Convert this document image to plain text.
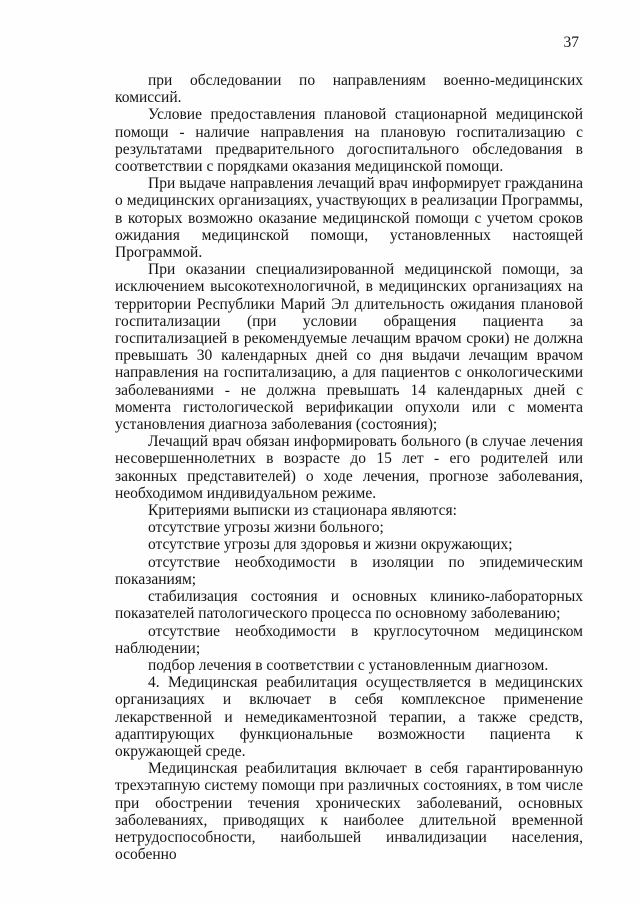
37

при обследовании по направлениям военно-медицинских комиссий.

Условие предоставления плановой стационарной медицинской помощи - наличие направления на плановую госпитализацию с результатами предварительного догоспитального обследования в соответствии с порядками оказания медицинской помощи.

При выдаче направления лечащий врач информирует гражданина о медицинских организациях, участвующих в реализации Программы, в которых возможно оказание медицинской помощи с учетом сроков ожидания медицинской помощи, установленных настоящей Программой.

При оказании специализированной медицинской помощи, за исключением высокотехнологичной, в медицинских организациях на территории Республики Марий Эл длительность ожидания плановой госпитализации (при условии обращения пациента за госпитализацией в рекомендуемые лечащим врачом сроки) не должна превышать 30 календарных дней со дня выдачи лечащим врачом направления на госпитализацию, а для пациентов с онкологическими заболеваниями - не должна превышать 14 календарных дней с момента гистологической верификации опухоли или с момента установления диагноза заболевания (состояния);

Лечащий врач обязан информировать больного (в случае лечения несовершеннолетних в возрасте до 15 лет - его родителей или законных представителей) о ходе лечения, прогнозе заболевания, необходимом индивидуальном режиме.

Критериями выписки из стационара являются:

отсутствие угрозы жизни больного;

отсутствие угрозы для здоровья и жизни окружающих;

отсутствие необходимости в изоляции по эпидемическим показаниям;

стабилизация состояния и основных клинико-лабораторных показателей патологического процесса по основному заболеванию;

отсутствие необходимости в круглосуточном медицинском наблюдении;

подбор лечения в соответствии с установленным диагнозом.

4. Медицинская реабилитация осуществляется в медицинских организациях и включает в себя комплексное применение лекарственной и немедикаментозной терапии, а также средств, адаптирующих функциональные возможности пациента к окружающей среде.

Медицинская реабилитация включает в себя гарантированную трехэтапную систему помощи при различных состояниях, в том числе при обострении течения хронических заболеваний, основных заболеваниях, приводящих к наиболее длительной временной нетрудоспособности, наибольшей инвалидизации населения, особенно
